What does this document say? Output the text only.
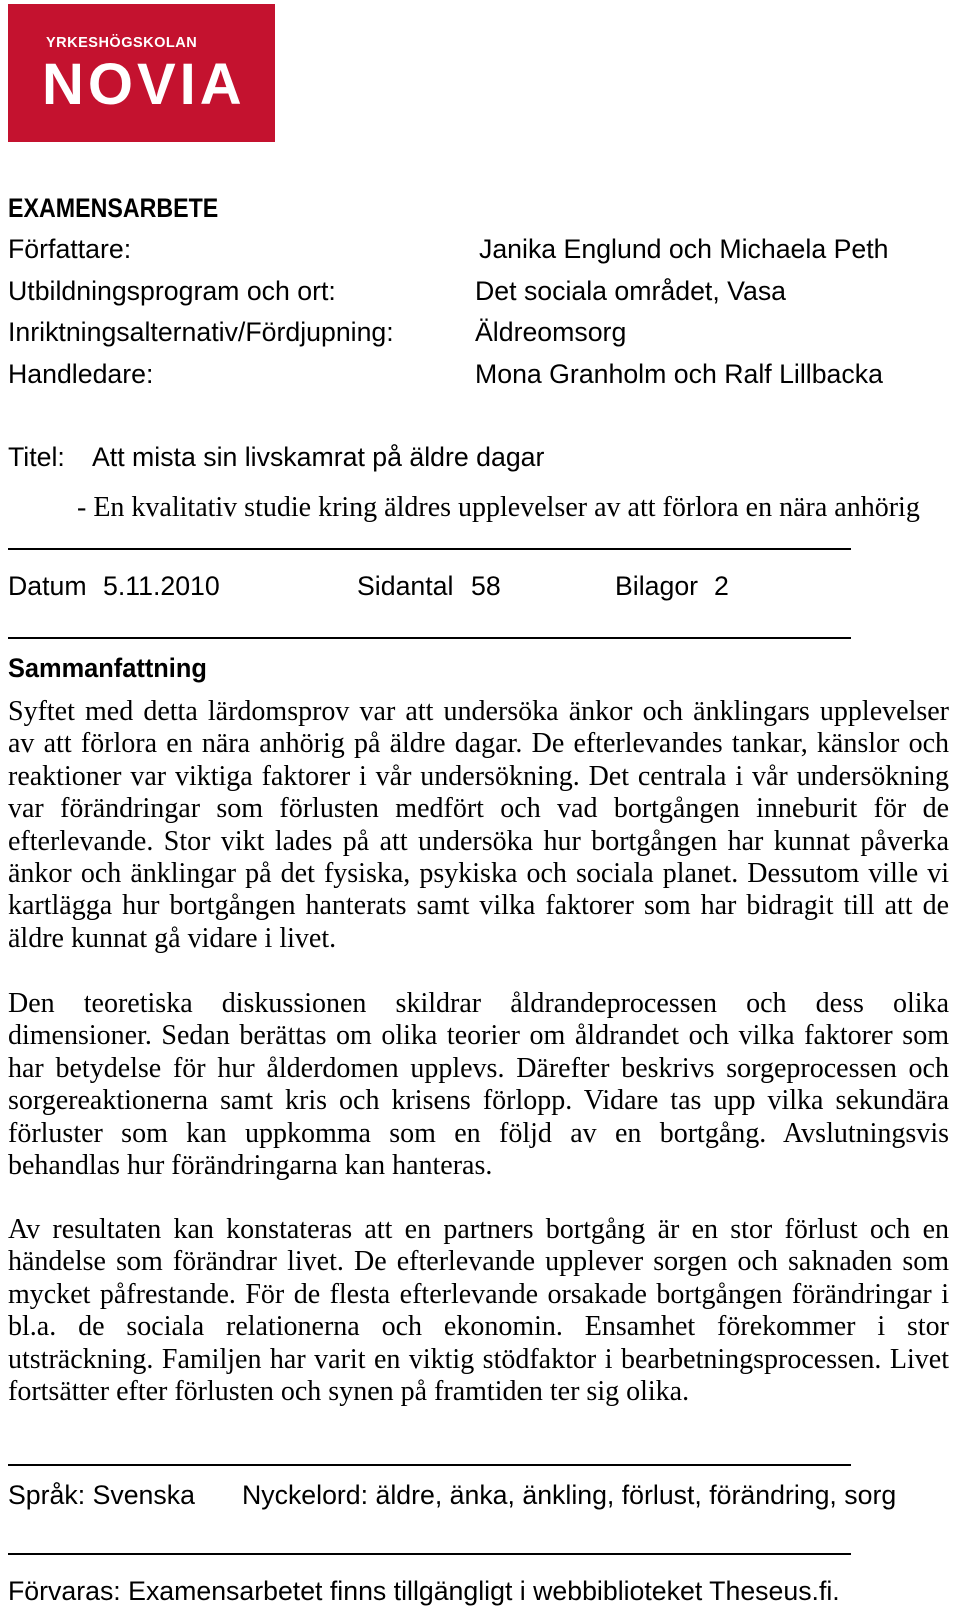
YRKESHÖGSKOLAN
NOVIA
EXAMENSARBETE
Författare:	Janika Englund och Michaela Peth
Utbildningsprogram och ort:	Det sociala området, Vasa
Inriktningsalternativ/Fördjupning:	Äldreomsorg
Handledare:	Mona Granholm och Ralf Lillbacka
Titel: Att mista sin livskamrat på äldre dagar
- En kvalitativ studie kring äldres upplevelser av att förlora en nära anhörig
Datum 5.11.2010	Sidantal 58	Bilagor 2
Sammanfattning
Syftet med detta lärdomsprov var att undersöka änkor och änklingars upplevelser
av att förlora en nära anhörig på äldre dagar. De efterlevandes tankar, känslor och
reaktioner var viktiga faktorer i vår undersökning. Det centrala i vår undersökning
var förändringar som förlusten medfört och vad bortgången inneburit för de
efterlevande. Stor vikt lades på att undersöka hur bortgången har kunnat påverka
änkor och änklingar på det fysiska, psykiska och sociala planet. Dessutom ville vi
kartlägga hur bortgången hanterats samt vilka faktorer som har bidragit till att de
äldre kunnat gå vidare i livet.
Den teoretiska diskussionen skildrar åldrandeprocessen och dess olika
dimensioner. Sedan berättas om olika teorier om åldrandet och vilka faktorer som
har betydelse för hur ålderdomen upplevs. Därefter beskrivs sorgeprocessen och
sorgereaktionerna samt kris och krisens förlopp. Vidare tas upp vilka sekundära
förluster som kan uppkomma som en följd av en bortgång. Avslutningsvis
behandlas hur förändringarna kan hanteras.
Av resultaten kan konstateras att en partners bortgång är en stor förlust och en
händelse som förändrar livet. De efterlevande upplever sorgen och saknaden som
mycket påfrestande. För de flesta efterlevande orsakade bortgången förändringar i
bl.a. de sociala relationerna och ekonomin. Ensamhet förekommer i stor
utsträckning. Familjen har varit en viktig stödfaktor i bearbetningsprocessen. Livet
fortsätter efter förlusten och synen på framtiden ter sig olika.
Språk: Svenska Nyckelord: äldre, änka, änkling, förlust, förändring, sorg
Förvaras: Examensarbetet finns tillgängligt i webbiblioteket Theseus.fi.
